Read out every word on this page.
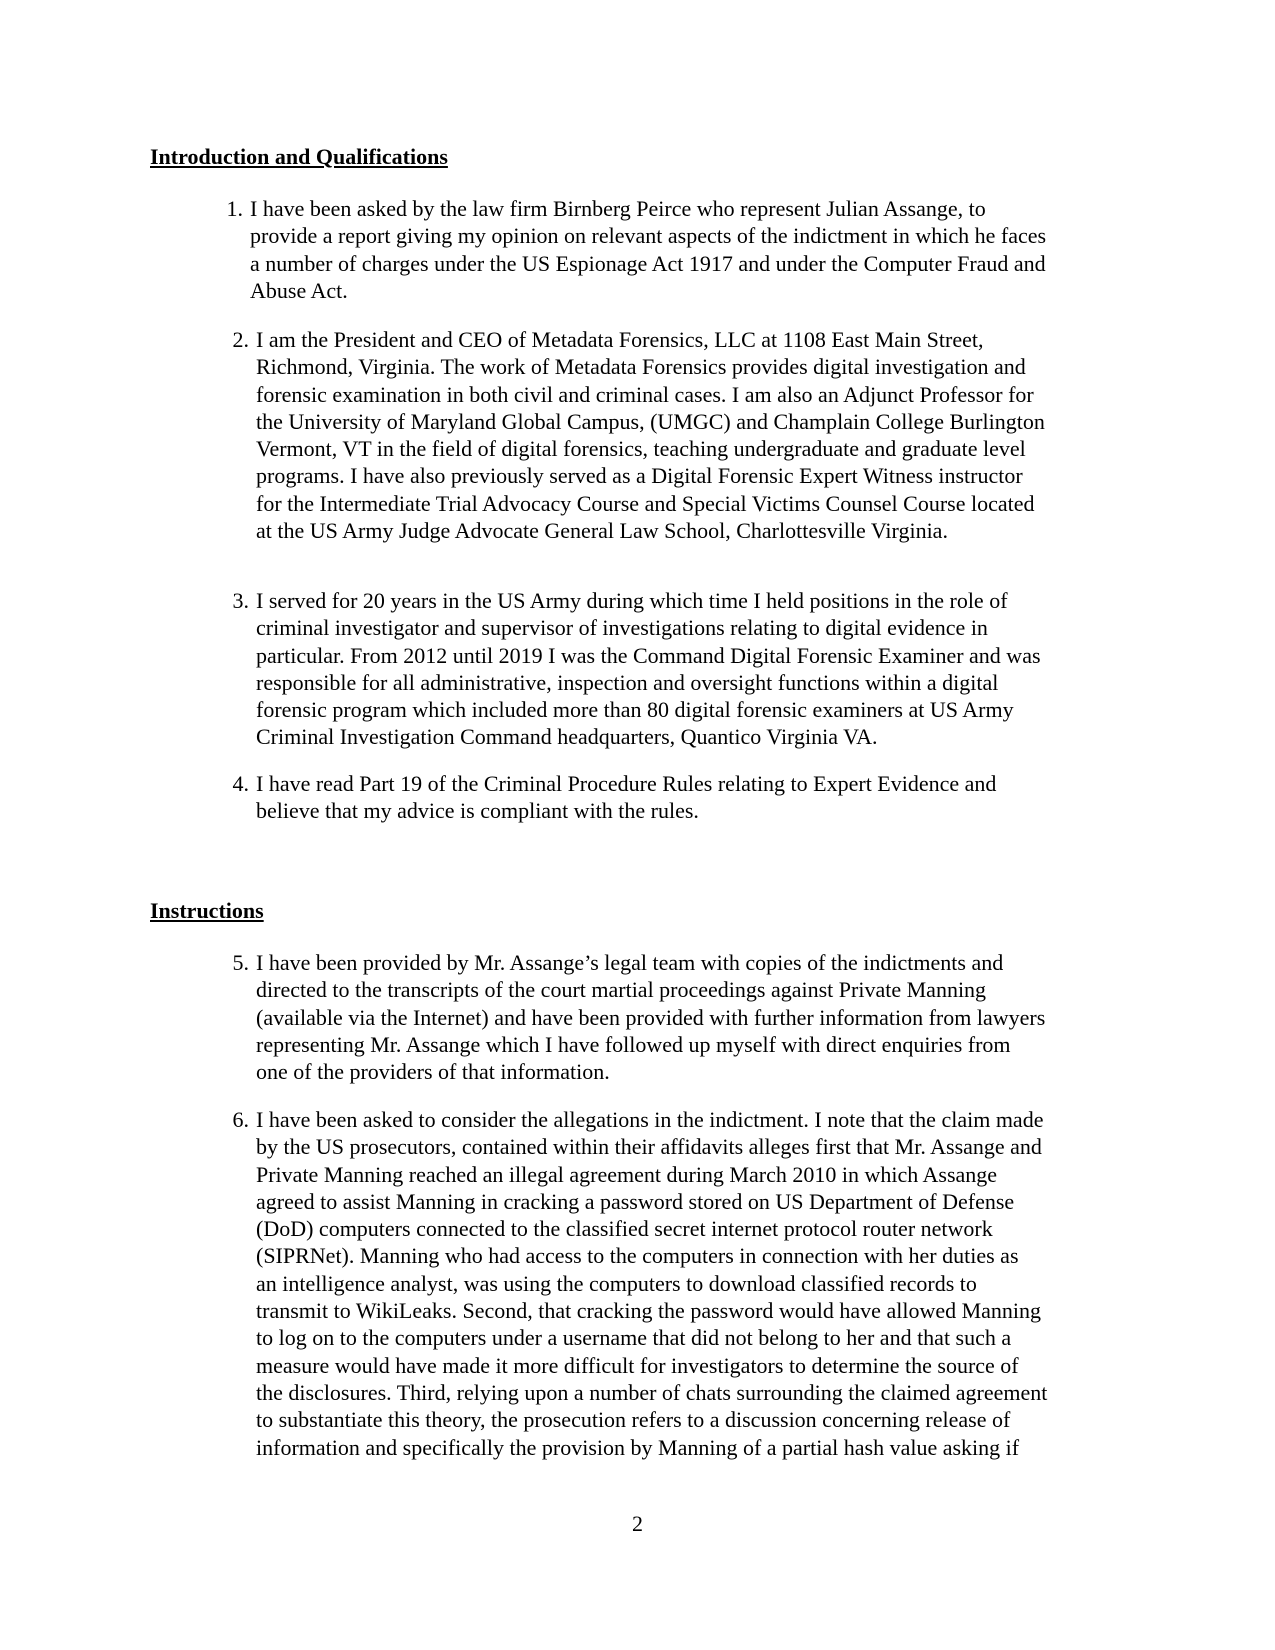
Introduction and Qualifications
1. I have been asked by the law firm Birnberg Peirce who represent Julian Assange, to
provide a report giving my opinion on relevant aspects of the indictment in which he faces
a number of charges under the US Espionage Act 1917 and under the Computer Fraud and
Abuse Act.
2. I am the President and CEO of Metadata Forensics, LLC at 1108 East Main Street,
Richmond, Virginia. The work of Metadata Forensics provides digital investigation and
forensic examination in both civil and criminal cases. I am also an Adjunct Professor for
the University of Maryland Global Campus, (UMGC) and Champlain College Burlington
Vermont, VT in the field of digital forensics, teaching undergraduate and graduate level
programs. I have also previously served as a Digital Forensic Expert Witness instructor
for the Intermediate Trial Advocacy Course and Special Victims Counsel Course located
at the US Army Judge Advocate General Law School, Charlottesville Virginia.
3. I served for 20 years in the US Army during which time I held positions in the role of
criminal investigator and supervisor of investigations relating to digital evidence in
particular. From 2012 until 2019 I was the Command Digital Forensic Examiner and was
responsible for all administrative, inspection and oversight functions within a digital
forensic program which included more than 80 digital forensic examiners at US Army
Criminal Investigation Command headquarters, Quantico Virginia VA.
4. I have read Part 19 of the Criminal Procedure Rules relating to Expert Evidence and
believe that my advice is compliant with the rules.
Instructions
5. I have been provided by Mr. Assange’s legal team with copies of the indictments and
directed to the transcripts of the court martial proceedings against Private Manning
(available via the Internet) and have been provided with further information from lawyers
representing Mr. Assange which I have followed up myself with direct enquiries from
one of the providers of that information.
6. I have been asked to consider the allegations in the indictment. I note that the claim made
by the US prosecutors, contained within their affidavits alleges first that Mr. Assange and
Private Manning reached an illegal agreement during March 2010 in which Assange
agreed to assist Manning in cracking a password stored on US Department of Defense
(DoD) computers connected to the classified secret internet protocol router network
(SIPRNet). Manning who had access to the computers in connection with her duties as
an intelligence analyst, was using the computers to download classified records to
transmit to WikiLeaks. Second, that cracking the password would have allowed Manning
to log on to the computers under a username that did not belong to her and that such a
measure would have made it more difficult for investigators to determine the source of
the disclosures. Third, relying upon a number of chats surrounding the claimed agreement
to substantiate this theory, the prosecution refers to a discussion concerning release of
information and specifically the provision by Manning of a partial hash value asking if
2
